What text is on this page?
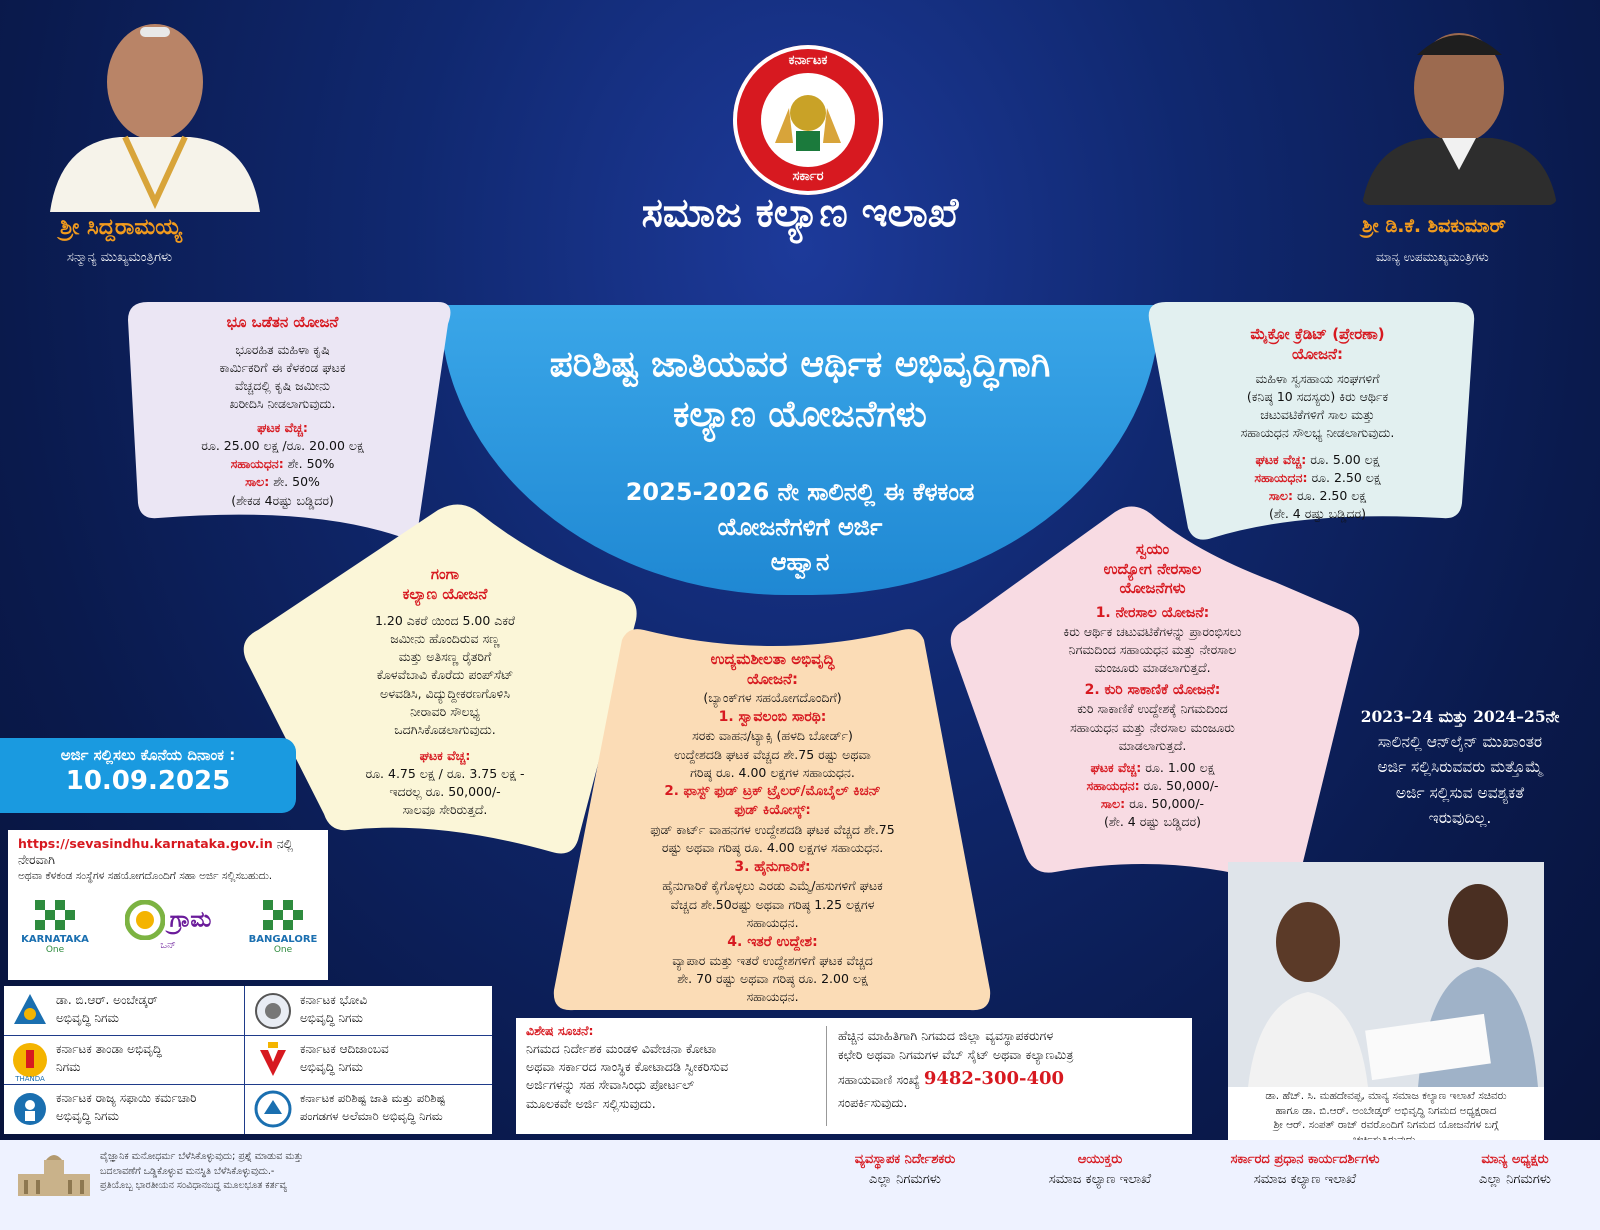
ಶ್ರೀ ಸಿದ್ದರಾಮಯ್ಯ
ಸನ್ಮಾನ್ಯ ಮುಖ್ಯಮಂತ್ರಿಗಳು
ಶ್ರೀ ಡಿ.ಕೆ. ಶಿವಕುಮಾರ್
ಮಾನ್ಯ ಉಪಮುಖ್ಯಮಂತ್ರಿಗಳು
ಕರ್ನಾಟಕ
ಸರ್ಕಾರ
ಸಮಾಜ ಕಲ್ಯಾಣ ಇಲಾಖೆ
ಪರಿಶಿಷ್ಟ ಜಾತಿಯವರ ಆರ್ಥಿಕ ಅಭಿವೃದ್ಧಿಗಾಗಿ
ಕಲ್ಯಾಣ ಯೋಜನೆಗಳು
2025-2026 ನೇ ಸಾಲಿನಲ್ಲಿ ಈ ಕೆಳಕಂಡ
ಯೋಜನೆಗಳಿಗೆ ಅರ್ಜಿ
ಆಹ್ವಾನ
ಭೂ ಒಡೆತನ ಯೋಜನೆ

ಭೂರಹಿತ ಮಹಿಳಾ ಕೃಷಿ

ಕಾರ್ಮಿಕರಿಗೆ ಈ ಕೆಳಕಂಡ ಘಟಕ

ವೆಚ್ಚದಲ್ಲಿ ಕೃಷಿ ಜಮೀನು

ಖರೀದಿಸಿ ನೀಡಲಾಗುವುದು.

ಘಟಕ ವೆಚ್ಚ:

ರೂ. 25.00 ಲಕ್ಷ /ರೂ. 20.00 ಲಕ್ಷ

ಸಹಾಯಧನ: ಶೇ. 50%

ಸಾಲ: ಶೇ. 50%

(ಶೇಕಡ 4ರಷ್ಟು ಬಡ್ಡಿದರ)

ಗಂಗಾ
ಕಲ್ಯಾಣ ಯೋಜನೆ

1.20 ಎಕರೆ ಯಿಂದ 5.00 ಎಕರೆ

ಜಮೀನು ಹೊಂದಿರುವ ಸಣ್ಣ

ಮತ್ತು ಅತಿಸಣ್ಣ ರೈತರಿಗೆ

ಕೊಳವೆಬಾವಿ ಕೊರೆದು ಪಂಪ್‌ಸೆಟ್

ಅಳವಡಿಸಿ, ವಿದ್ಯುದ್ದೀಕರಣಗೊಳಿಸಿ

ನೀರಾವರಿ ಸೌಲಭ್ಯ

ಒದಗಿಸಿಕೊಡಲಾಗುವುದು.

ಘಟಕ ವೆಚ್ಚ:

ರೂ. 4.75 ಲಕ್ಷ / ರೂ. 3.75 ಲಕ್ಷ -

ಇದರಲ್ಲ ರೂ. 50,000/-

ಸಾಲವೂ ಸೇರಿರುತ್ತದೆ.

ಉದ್ಯಮಶೀಲತಾ ಅಭಿವೃದ್ಧಿ
ಯೋಜನೆ:

(ಬ್ಯಾಂಕ್‌ಗಳ ಸಹಯೋಗದೊಂದಿಗೆ)

1. ಸ್ವಾವಲಂಬಿ ಸಾರಥಿ:

ಸರಕು ವಾಹನ/ಟ್ಯಾಕ್ಸಿ (ಹಳದಿ ಬೋರ್ಡ್)

ಉದ್ದೇಶದಡಿ ಘಟಕ ವೆಚ್ಚದ ಶೇ.75 ರಷ್ಟು ಅಥವಾ

ಗರಿಷ್ಠ ರೂ. 4.00 ಲಕ್ಷಗಳ ಸಹಾಯಧನ.

2. ಫಾಸ್ಟ್ ಫುಡ್ ಟ್ರಕ್ ಟ್ರೈಲರ್/ಮೊಬೈಲ್ ಕಿಚನ್

ಫುಡ್ ಕಿಯೋಸ್ಕ್:

ಫುಡ್ ಕಾರ್ಟ್ ವಾಹನಗಳ ಉದ್ದೇಶದಡಿ ಘಟಕ ವೆಚ್ಚದ ಶೇ.75

ರಷ್ಟು ಅಥವಾ ಗರಿಷ್ಠ ರೂ. 4.00 ಲಕ್ಷಗಳ ಸಹಾಯಧನ.

3. ಹೈನುಗಾರಿಕೆ:

ಹೈನುಗಾರಿಕೆ ಕೈಗೊಳ್ಳಲು ಎರಡು ಎಮ್ಮೆ/ಹಸುಗಳಿಗೆ ಘಟಕ

ವೆಚ್ಚದ ಶೇ.50ರಷ್ಟು ಅಥವಾ ಗರಿಷ್ಠ 1.25 ಲಕ್ಷಗಳ

ಸಹಾಯಧನ.

4. ಇತರೆ ಉದ್ದೇಶ:

ವ್ಯಾಪಾರ ಮತ್ತು ಇತರೆ ಉದ್ದೇಶಗಳಿಗೆ ಘಟಕ ವೆಚ್ಚದ

ಶೇ. 70 ರಷ್ಟು ಅಥವಾ ಗರಿಷ್ಠ ರೂ. 2.00 ಲಕ್ಷ

ಸಹಾಯಧನ.

ಸ್ವಯಂ
ಉದ್ಯೋಗ ನೇರಸಾಲ
ಯೋಜನೆಗಳು

1. ನೇರಸಾಲ ಯೋಜನೆ:

ಕಿರು ಆರ್ಥಿಕ ಚಟುವಟಿಕೆಗಳನ್ನು ಪ್ರಾರಂಭಿಸಲು

ನಿಗಮದಿಂದ ಸಹಾಯಧನ ಮತ್ತು ನೇರಸಾಲ

ಮಂಜೂರು ಮಾಡಲಾಗುತ್ತದೆ.

2. ಕುರಿ ಸಾಕಾಣಿಕೆ ಯೋಜನೆ:

ಕುರಿ ಸಾಕಾಣಿಕೆ ಉದ್ದೇಶಕ್ಕೆ ನಿಗಮದಿಂದ

ಸಹಾಯಧನ ಮತ್ತು ನೇರಸಾಲ ಮಂಜೂರು

ಮಾಡಲಾಗುತ್ತದೆ.

ಘಟಕ ವೆಚ್ಚ: ರೂ. 1.00 ಲಕ್ಷ

ಸಹಾಯಧನ: ರೂ. 50,000/-

ಸಾಲ: ರೂ. 50,000/-

(ಶೇ. 4 ರಷ್ಟು ಬಡ್ಡಿದರ)

ಮೈಕ್ರೋ ಕ್ರೆಡಿಟ್ (ಪ್ರೇರಣಾ)
ಯೋಜನೆ:

ಮಹಿಳಾ ಸ್ವಸಹಾಯ ಸಂಘಗಳಿಗೆ

(ಕನಿಷ್ಠ 10 ಸದಸ್ಯರು) ಕಿರು ಆರ್ಥಿಕ

ಚಟುವಟಿಕೆಗಳಿಗೆ ಸಾಲ ಮತ್ತು

ಸಹಾಯಧನ ಸೌಲಭ್ಯ ನೀಡಲಾಗುವುದು.

ಘಟಕ ವೆಚ್ಚ: ರೂ. 5.00 ಲಕ್ಷ

ಸಹಾಯಧನ: ರೂ. 2.50 ಲಕ್ಷ

ಸಾಲ: ರೂ. 2.50 ಲಕ್ಷ

(ಶೇ. 4 ರಷ್ಟು ಬಡ್ಡಿದರ)

ಅರ್ಜಿ ಸಲ್ಲಿಸಲು ಕೊನೆಯ ದಿನಾಂಕ :
10.09.2025
https://sevasindhu.karnataka.gov.in ನಲ್ಲಿ ನೇರವಾಗಿ
ಅಥವಾ ಕೆಳಕಂಡ ಸಂಸ್ಥೆಗಳ ಸಹಯೋಗದೊಂದಿಗೆ ಸಹಾ ಅರ್ಜಿ ಸಲ್ಲಿಸಬಹುದು.
KARNATAKA
One
ಗ್ರಾಮ
ಒನ್
BANGALORE
One
ಡಾ. ಬಿ.ಆರ್. ಅಂಬೇಡ್ಕರ್
ಅಭಿವೃದ್ಧಿ ನಿಗಮ
ಕರ್ನಾಟಕ ಭೋವಿ
ಅಭಿವೃದ್ಧಿ ನಿಗಮ
THANDA
ಕರ್ನಾಟಕ ತಾಂಡಾ ಅಭಿವೃದ್ಧಿ
ನಿಗಮ
ಕರ್ನಾಟಕ ಆದಿಜಾಂಬವ
ಅಭಿವೃದ್ಧಿ ನಿಗಮ
ಕರ್ನಾಟಕ ರಾಜ್ಯ ಸಫಾಯಿ ಕರ್ಮಚಾರಿ
ಅಭಿವೃದ್ಧಿ ನಿಗಮ
ಕರ್ನಾಟಕ ಪರಿಶಿಷ್ಟ ಜಾತಿ ಮತ್ತು ಪರಿಶಿಷ್ಟ
ಪಂಗಡಗಳ ಅಲೆಮಾರಿ ಅಭಿವೃದ್ಧಿ ನಿಗಮ
ವಿಶೇಷ ಸೂಚನೆ:
ನಿಗಮದ ನಿರ್ದೇಶಕ ಮಂಡಳಿ ವಿವೇಚನಾ ಕೋಟಾ
ಅಥವಾ ಸರ್ಕಾರದ ಸಾಂಸ್ಥಿಕ ಕೋಟಾದಡಿ ಸ್ವೀಕರಿಸುವ
ಅರ್ಜಿಗಳನ್ನು ಸಹ ಸೇವಾಸಿಂಧು ಪೋರ್ಟಲ್
ಮೂಲಕವೇ ಅರ್ಜಿ ಸಲ್ಲಿಸುವುದು.
ಹೆಚ್ಚಿನ ಮಾಹಿತಿಗಾಗಿ ನಿಗಮದ ಜಿಲ್ಲಾ ವ್ಯವಸ್ಥಾಪಕರುಗಳ
ಕಛೇರಿ ಅಥವಾ ನಿಗಮಗಳ ವೆಬ್ ಸೈಟ್ ಅಥವಾ ಕಲ್ಯಾಣಮಿತ್ರ
ಸಹಾಯವಾಣಿ ಸಂಖ್ಯೆ 9482-300-400
ಸಂಪರ್ಕಿಸುವುದು.
2023–24 ಮತ್ತು 2024–25ನೇ
ಸಾಲಿನಲ್ಲಿ ಆನ್‌ಲೈನ್ ಮುಖಾಂತರ
ಅರ್ಜಿ ಸಲ್ಲಿಸಿರುವವರು ಮತ್ತೊಮ್ಮೆ
ಅರ್ಜಿ ಸಲ್ಲಿಸುವ ಅವಶ್ಯಕತೆ
ಇರುವುದಿಲ್ಲ.
ಡಾ. ಹೆಚ್. ಸಿ. ಮಹದೇವಪ್ಪ, ಮಾನ್ಯ ಸಮಾಜ ಕಲ್ಯಾಣ ಇಲಾಖೆ ಸಚಿವರು
ಹಾಗೂ ಡಾ. ಬಿ.ಆರ್. ಅಂಬೇಡ್ಕರ್ ಅಭಿವೃದ್ಧಿ ನಿಗಮದ ಅಧ್ಯಕ್ಷರಾದ
ಶ್ರೀ ಆರ್. ಸಂಪತ್ ರಾಜ್ ರವರೊಂದಿಗೆ ನಿಗಮದ ಯೋಜನೆಗಳ ಬಗ್ಗೆ
ವೈಜ್ಞಾನಿಕ ಮನೋಧರ್ಮ ಬೆಳೆಸಿಕೊಳ್ಳುವುದು; ಪ್ರಶ್ನೆ ಮಾಡುವ ಮತ್ತು
ಬದಲಾವಣೆಗೆ ಒಡ್ಡಿಕೊಳ್ಳುವ ಮನಸ್ಥಿತಿ ಬೆಳೆಸಿಕೊಳ್ಳುವುದು.-
ಪ್ರತಿಯೊಬ್ಬ ಭಾರತೀಯನ ಸಂವಿಧಾನಬದ್ಧ ಮೂಲಭೂತ ಕರ್ತವ್ಯ
ವ್ಯವಸ್ಥಾಪಕ ನಿರ್ದೇಶಕರು
ಎಲ್ಲಾ ನಿಗಮಗಳು
ಆಯುಕ್ತರು
ಸಮಾಜ ಕಲ್ಯಾಣ ಇಲಾಖೆ
ಸರ್ಕಾರದ ಪ್ರಧಾನ ಕಾರ್ಯದರ್ಶಿಗಳು
ಸಮಾಜ ಕಲ್ಯಾಣ ಇಲಾಖೆ
ಮಾನ್ಯ ಅಧ್ಯಕ್ಷರು
ಎಲ್ಲಾ ನಿಗಮಗಳು
